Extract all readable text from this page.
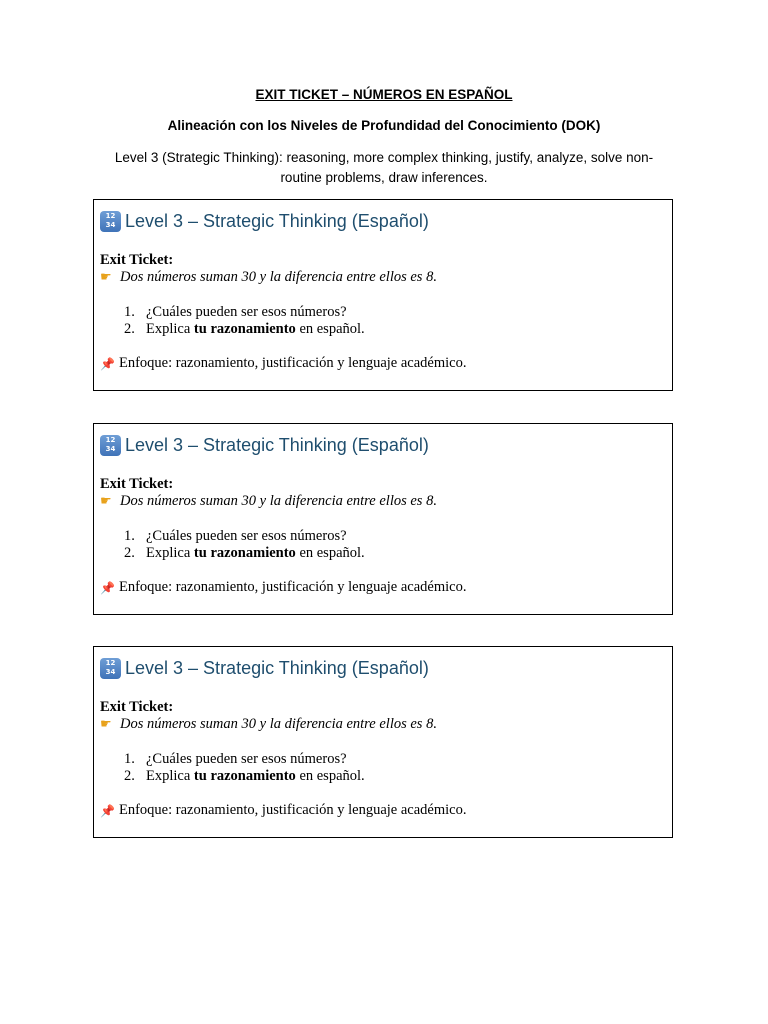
EXIT TICKET – NÚMEROS EN ESPAÑOL
Alineación con los Niveles de Profundidad del Conocimiento (DOK)
Level 3 (Strategic Thinking): reasoning, more complex thinking, justify, analyze, solve non-routine problems, draw inferences.
12
34 Level 3 – Strategic Thinking (Español)
Exit Ticket:
☛ Dos números suman 30 y la diferencia entre ellos es 8.
1. ¿Cuáles pueden ser esos números?
2. Explica tu razonamiento en español.
📌 Enfoque: razonamiento, justificación y lenguaje académico.
12
34 Level 3 – Strategic Thinking (Español)
Exit Ticket:
☛ Dos números suman 30 y la diferencia entre ellos es 8.
1. ¿Cuáles pueden ser esos números?
2. Explica tu razonamiento en español.
📌 Enfoque: razonamiento, justificación y lenguaje académico.
12
34 Level 3 – Strategic Thinking (Español)
Exit Ticket:
☛ Dos números suman 30 y la diferencia entre ellos es 8.
1. ¿Cuáles pueden ser esos números?
2. Explica tu razonamiento en español.
📌 Enfoque: razonamiento, justificación y lenguaje académico.
